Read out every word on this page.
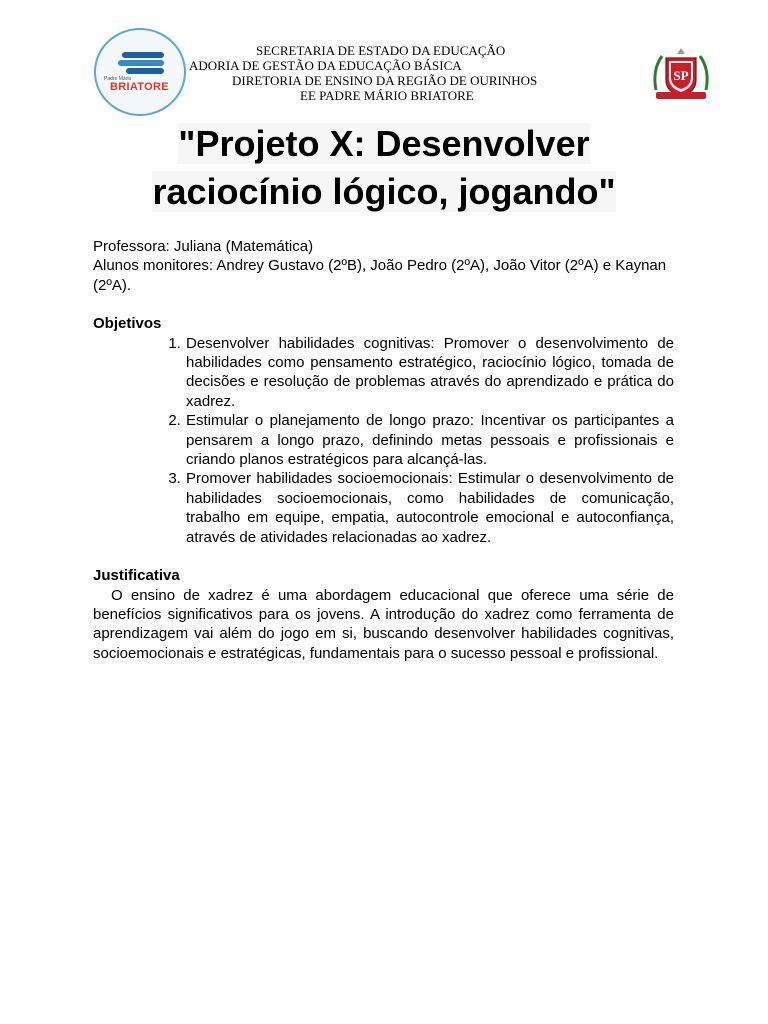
Padre Mário
BRIATORE
SECRETARIA DE ESTADO DA EDUCAÇÃO
ADORIA DE GESTÃO DA EDUCAÇÃO BÁSICA
DIRETORIA DE ENSINO DA REGIÃO DE OURINHOS
EE PADRE MÁRIO BRIATORE
SP
"Projeto X: Desenvolver
raciocínio lógico, jogando"

Professora: Juliana (Matemática)

Alunos monitores: Andrey Gustavo (2ºB), João Pedro (2ºA), João Vitor (2ºA) e Kaynan (2ºA).

Objetivos

1. Desenvolver habilidades cognitivas: Promover o desenvolvimento de habilidades como pensamento estratégico, raciocínio lógico, tomada de decisões e resolução de problemas através do aprendizado e prática do xadrez.
2. Estimular o planejamento de longo prazo: Incentivar os participantes a pensarem a longo prazo, definindo metas pessoais e profissionais e criando planos estratégicos para alcançá-las.
3. Promover habilidades socioemocionais: Estimular o desenvolvimento de habilidades socioemocionais, como habilidades de comunicação, trabalho em equipe, empatia, autocontrole emocional e autoconfiança, através de atividades relacionadas ao xadrez.

Justificativa

O ensino de xadrez é uma abordagem educacional que oferece uma série de benefícios significativos para os jovens. A introdução do xadrez como ferramenta de aprendizagem vai além do jogo em si, buscando desenvolver habilidades cognitivas, socioemocionais e estratégicas, fundamentais para o sucesso pessoal e profissional.
